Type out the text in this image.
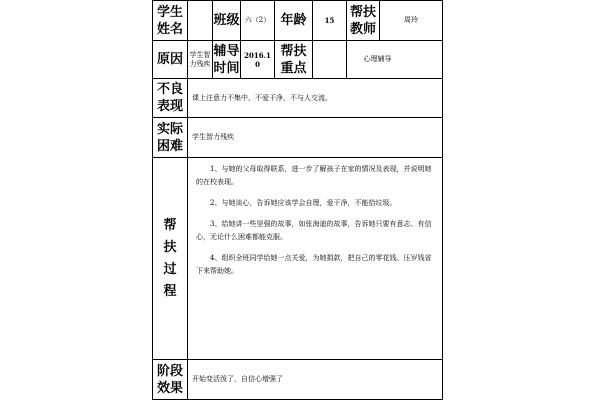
学生姓名
班级 六（2） 年龄	15
帮扶教师
周玲
原因 学生智力残疾
辅导时间
2016.10
帮扶重点
心理辅导
不良表现
课上注意力不集中，不爱干净，不与人交流。
实际困难
学生智力残疾
帮
扶
过
程

1、与她的父母取得联系，进一步了解孩子在家的情况及表现，并说明她的在校表现。

2、与她谈心，告诉她应该学会自理，爱干净，不能拾垃圾。

3、给她讲一些坚强的故事，如张海迪的故事，告诉她只要有意志、有信心，无论什么困难都能克服。

4、组织全班同学给她一点关爱，为她捐款，把自己的零花钱、压岁钱省下来帮助她。

阶段效果
开始变活泼了，自信心增强了
